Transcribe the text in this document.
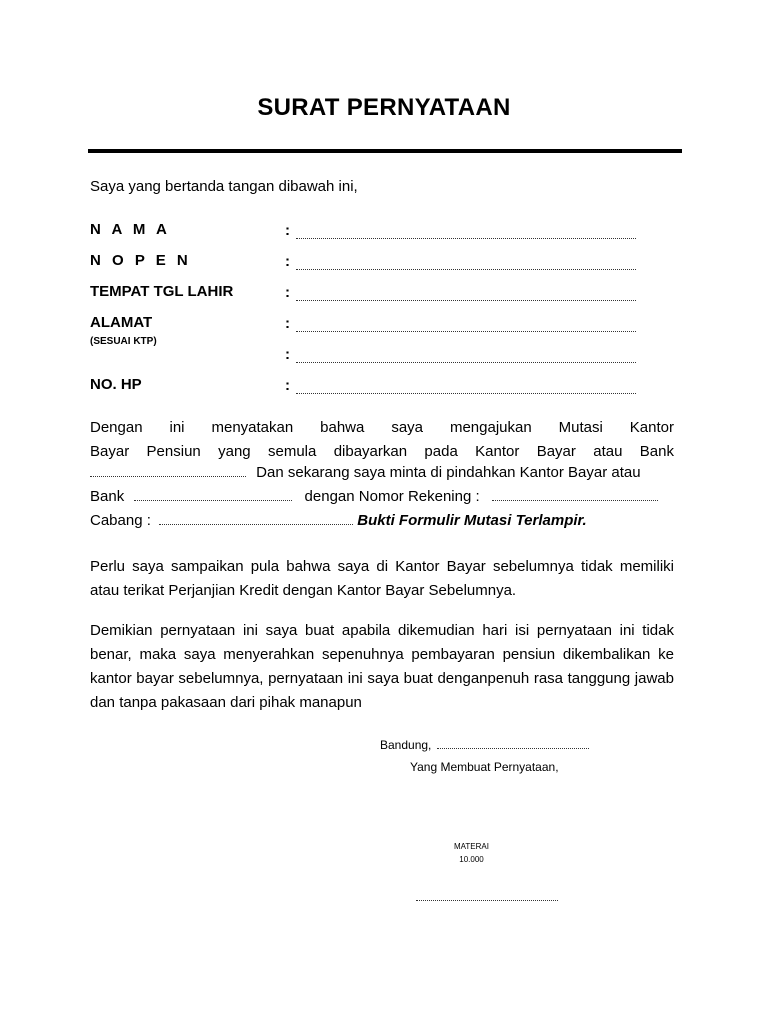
SURAT PERNYATAAN
Saya yang bertanda tangan dibawah ini,
N A M A	:
N O P E N	:
TEMPAT TGL LAHIR	:
ALAMAT	:
(SESUAI KTP)
:
NO. HP	:
Dengan ini menyatakan bahwa saya mengajukan Mutasi Kantor
Bayar Pensiun yang semula dibayarkan pada Kantor Bayar atau Bank
Dan sekarang saya minta di pindahkan Kantor Bayar atau
Bank	dengan Nomor Rekening :
Cabang :	Bukti Formulir Mutasi Terlampir.
Perlu saya sampaikan pula bahwa saya di Kantor Bayar sebelumnya tidak memiliki atau terikat Perjanjian Kredit dengan Kantor Bayar Sebelumnya.
Demikian pernyataan ini saya buat apabila dikemudian hari isi pernyataan ini tidak benar, maka saya menyerahkan sepenuhnya pembayaran pensiun dikembalikan ke kantor bayar sebelumnya, pernyataan ini saya buat denganpenuh rasa tanggung jawab dan tanpa pakasaan dari pihak manapun
Bandung,
Yang Membuat Pernyataan,
MATERAI
10.000
